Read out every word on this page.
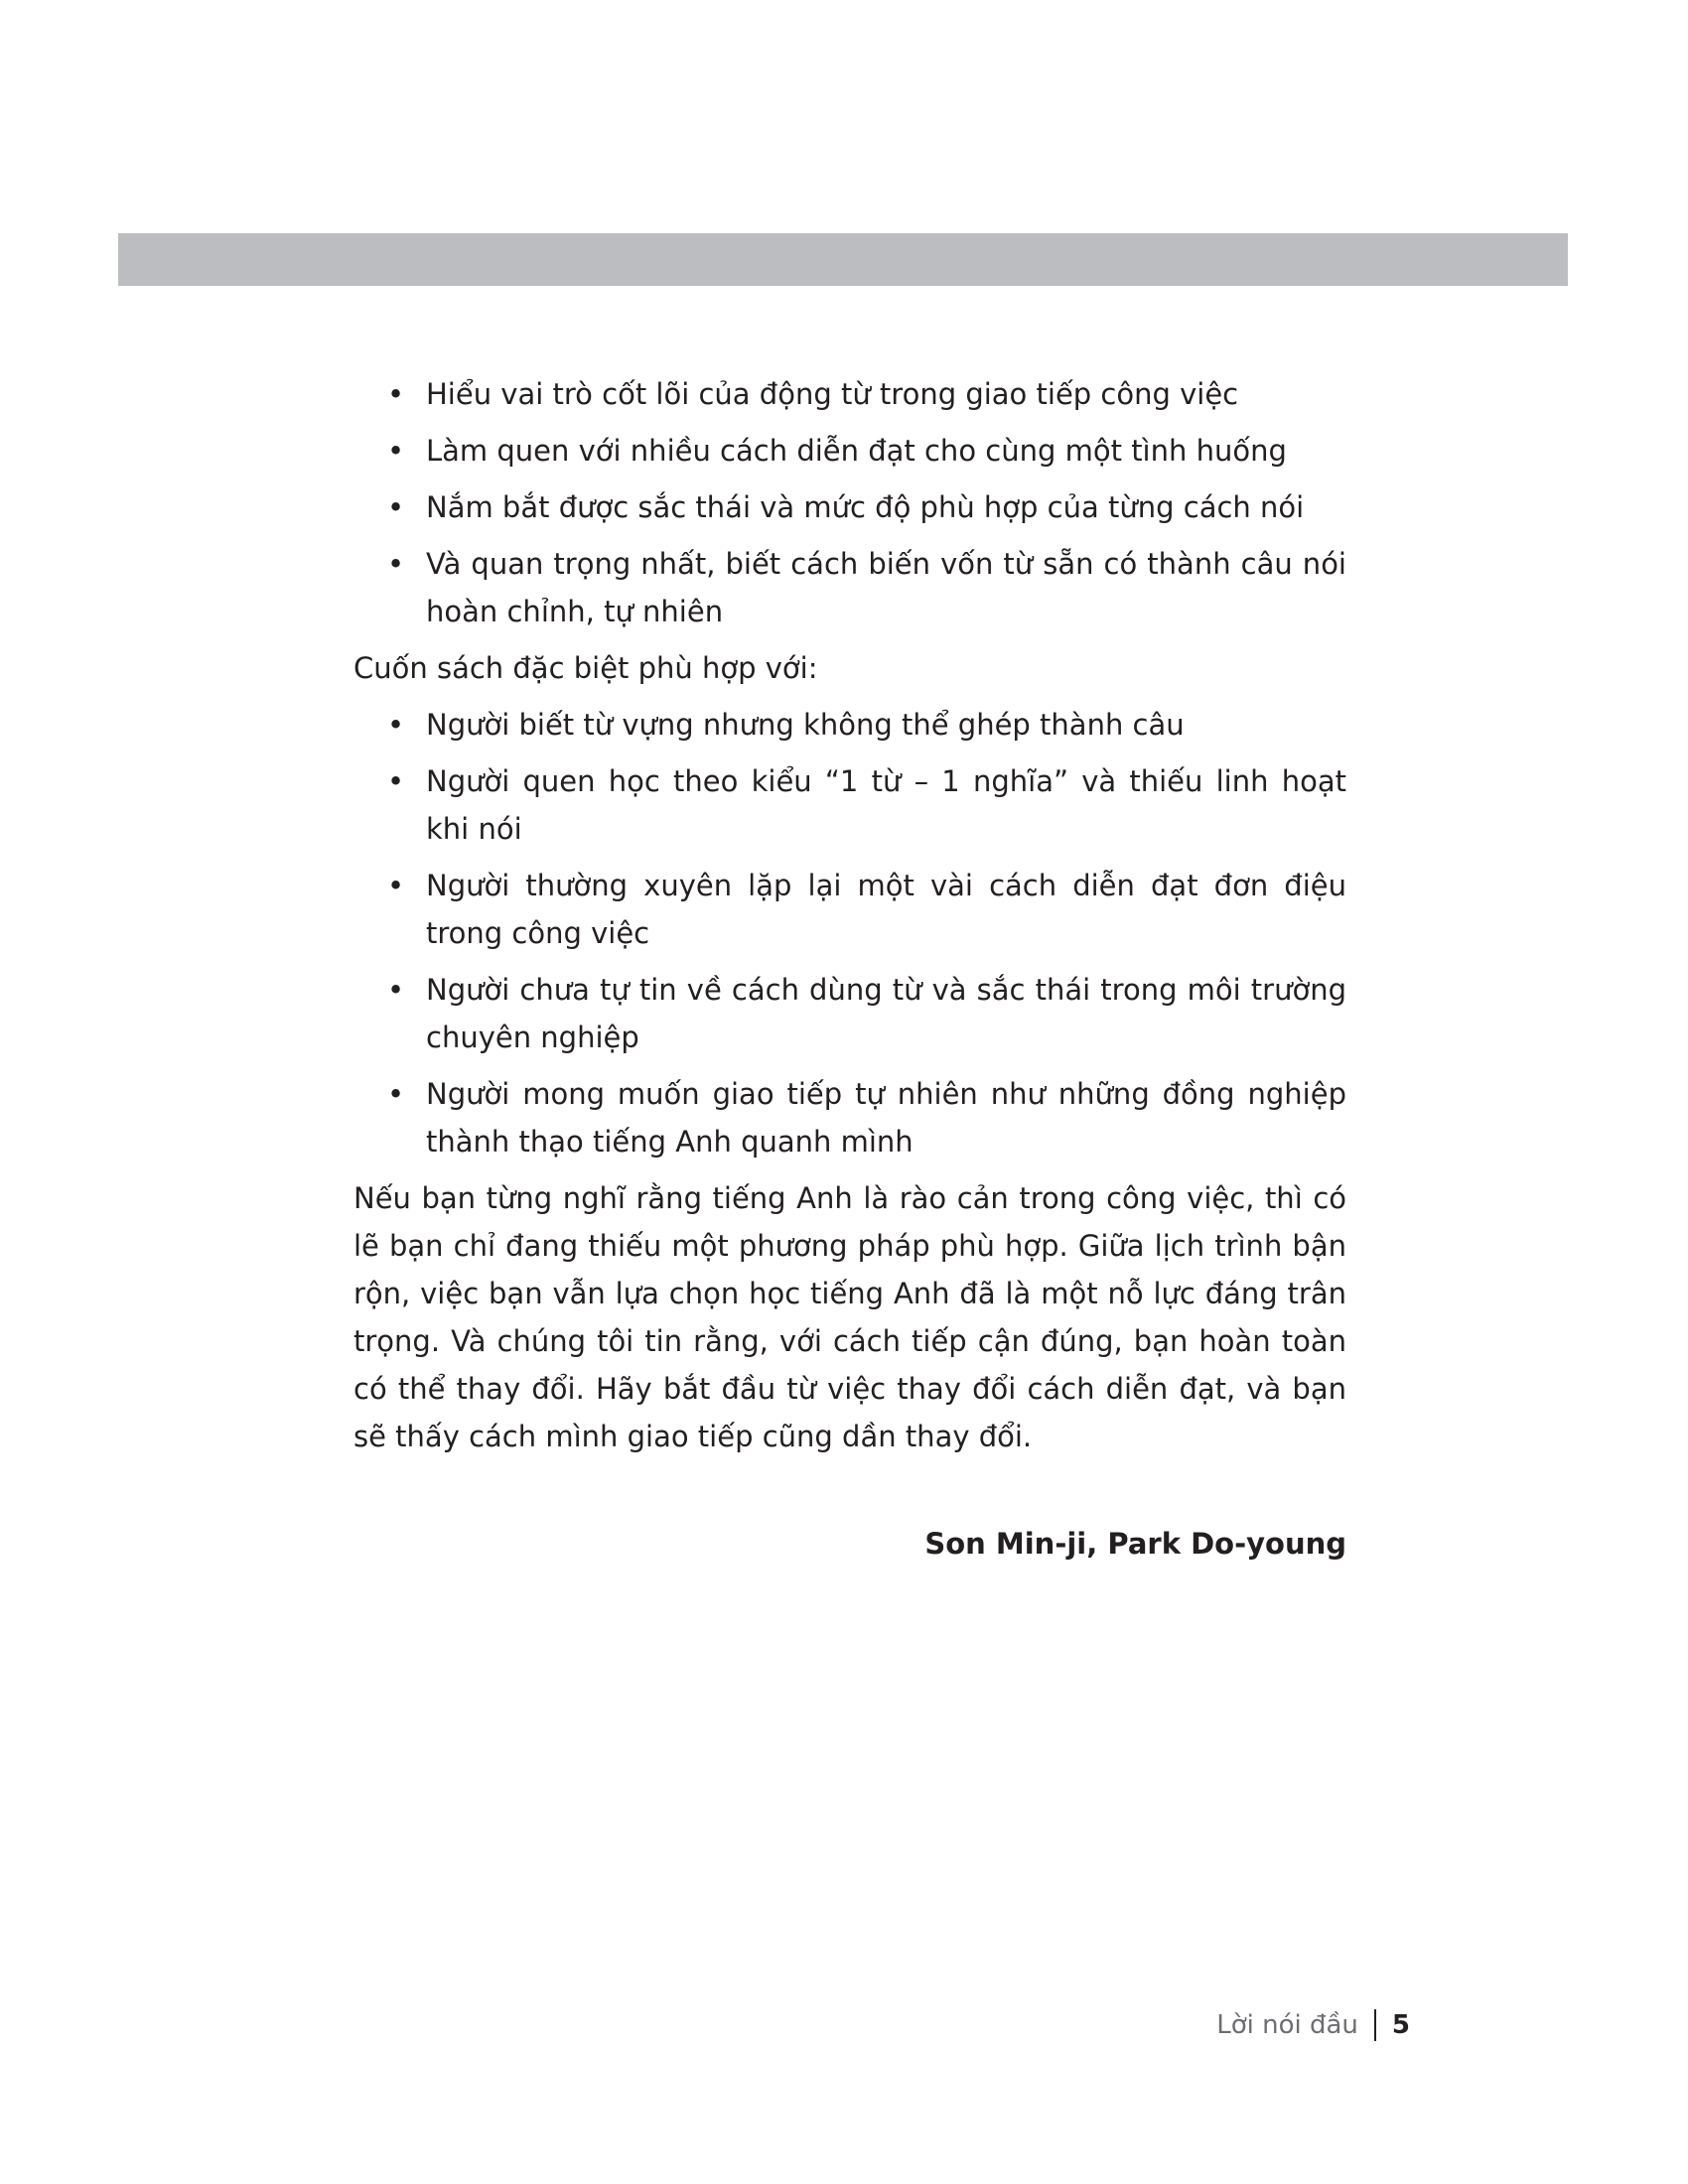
• Hiểu vai trò cốt lõi của động từ trong giao tiếp công việc
• Làm quen với nhiều cách diễn đạt cho cùng một tình huống
• Nắm bắt được sắc thái và mức độ phù hợp của từng cách nói
• Và quan trọng nhất, biết cách biến vốn từ sẵn có thành câu nói hoàn chỉnh, tự nhiên

Cuốn sách đặc biệt phù hợp với:

• Người biết từ vựng nhưng không thể ghép thành câu
• Người quen học theo kiểu “1 từ – 1 nghĩa” và thiếu linh hoạt khi nói
• Người thường xuyên lặp lại một vài cách diễn đạt đơn điệu trong công việc
• Người chưa tự tin về cách dùng từ và sắc thái trong môi trường chuyên nghiệp
• Người mong muốn giao tiếp tự nhiên như những đồng nghiệp thành thạo tiếng Anh quanh mình

Nếu bạn từng nghĩ rằng tiếng Anh là rào cản trong công việc, thì có lẽ bạn chỉ đang thiếu một phương pháp phù hợp. Giữa lịch trình bận rộn, việc bạn vẫn lựa chọn học tiếng Anh đã là một nỗ lực đáng trân trọng. Và chúng tôi tin rằng, với cách tiếp cận đúng, bạn hoàn toàn có thể thay đổi. Hãy bắt đầu từ việc thay đổi cách diễn đạt, và bạn sẽ thấy cách mình giao tiếp cũng dần thay đổi.

Son Min-ji, Park Do-young
Lời nói đầu 5
